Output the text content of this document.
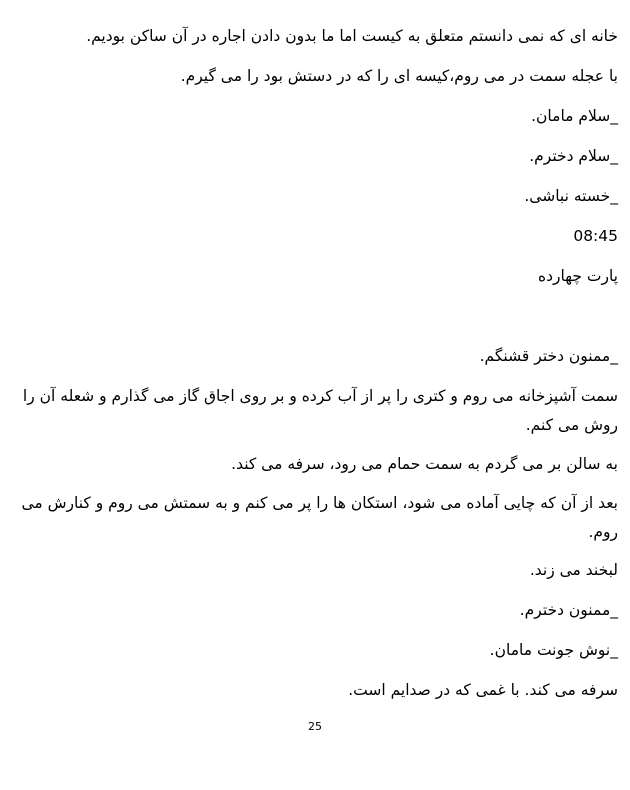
خانه ای که نمی دانستم متعلق به کیست اما ما بدون دادن اجاره در آن ساکن بودیم.

با عجله سمت در می روم،کیسه ای را که در دستش بود را می گیرم.

_سلام مامان.

_سلام دخترم.

_خسته نباشی.

08:45

پارت چهارده

_ممنون دختر قشنگم.

سمت آشپزخانه می روم و کتری را پر از آب کرده و بر روی اجاق گاز می گذارم و شعله آن را روش می کنم.

به سالن بر می گردم به سمت حمام می رود، سرفه می کند.

بعد از آن که چایی آماده می شود، استکان ها را پر می کنم و به سمتش می روم و کنارش می روم.

لبخند می زند.

_ممنون دخترم.

_نوش جونت مامان.

سرفه می کند. با غمی که در صدایم است.

25
